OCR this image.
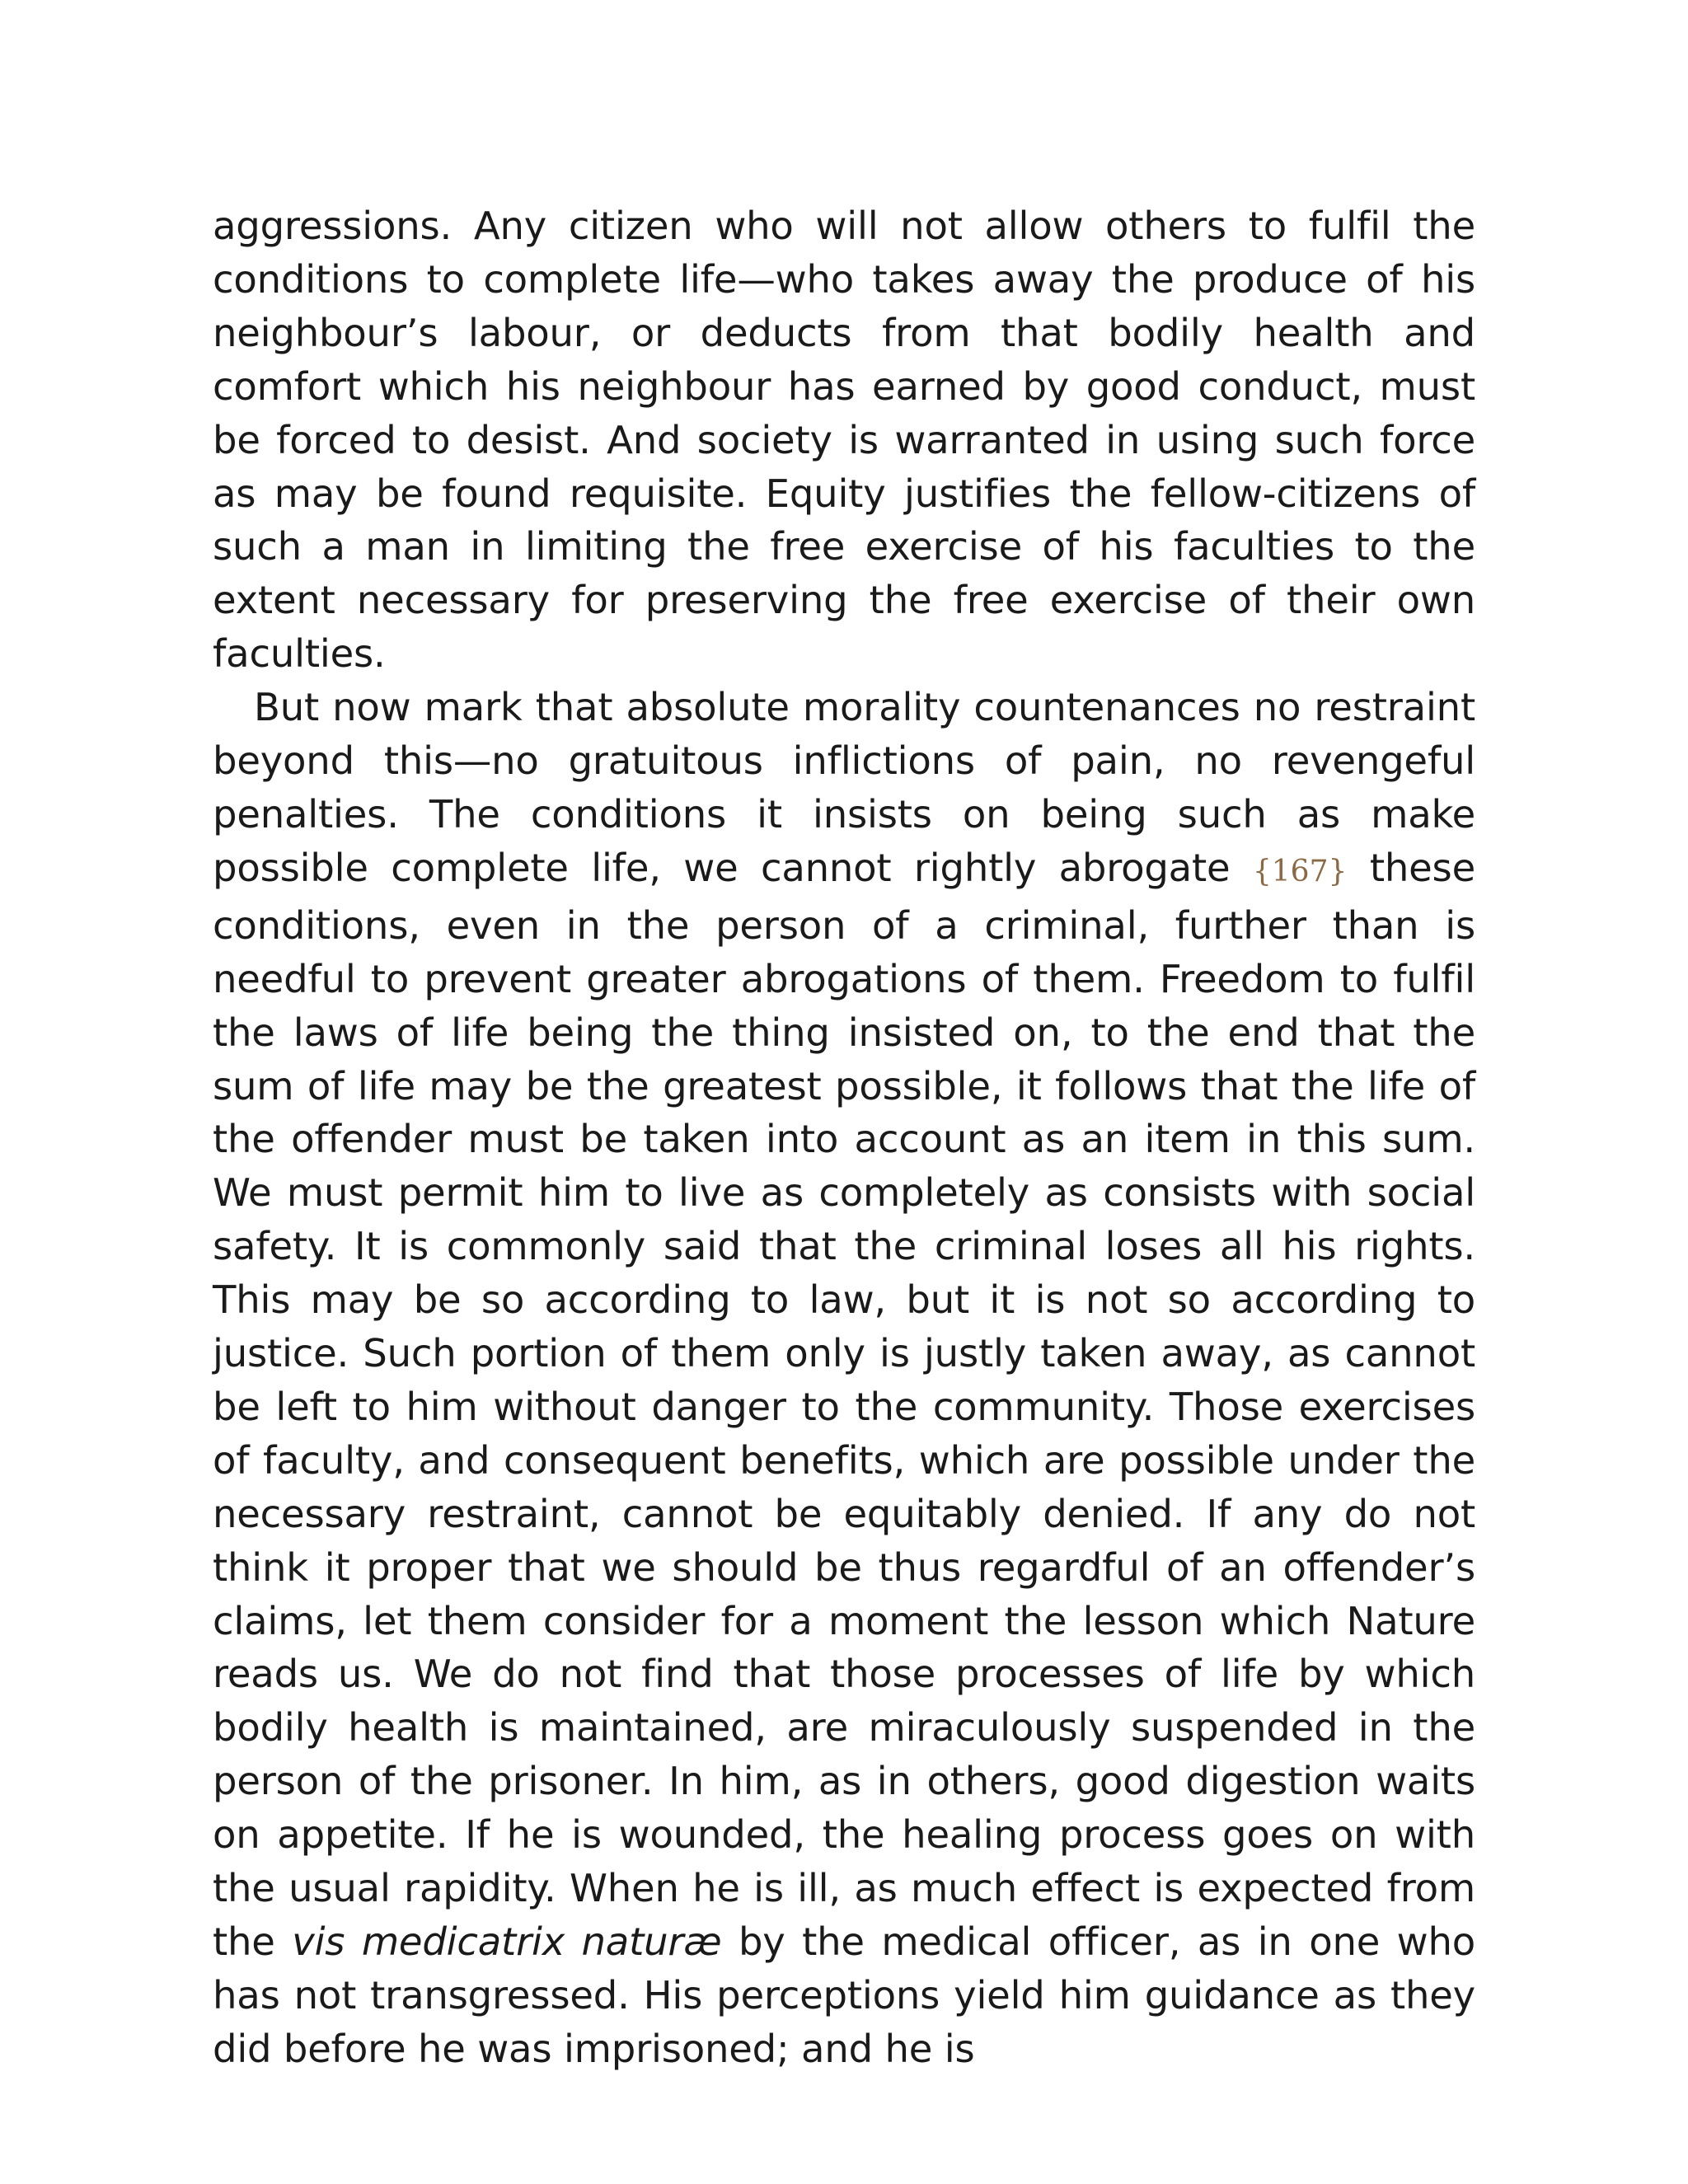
aggressions. Any citizen who will not allow others to fulfil the conditions to complete life—who takes away the produce of his neighbour’s labour, or deducts from that bodily health and comfort which his neighbour has earned by good conduct, must be forced to desist. And society is warranted in using such force as may be found requisite. Equity justifies the fellow-citizens of such a man in limiting the free exercise of his faculties to the extent necessary for preserving the free exercise of their own faculties.

But now mark that absolute morality countenances no restraint beyond this—no gratuitous inflictions of pain, no revengeful penalties. The conditions it insists on being such as make possible complete life, we cannot rightly abrogate {167} these conditions, even in the person of a criminal, further than is needful to prevent greater abrogations of them. Freedom to fulfil the laws of life being the thing insisted on, to the end that the sum of life may be the greatest possible, it follows that the life of the offender must be taken into account as an item in this sum. We must permit him to live as completely as consists with social safety. It is commonly said that the criminal loses all his rights. This may be so according to law, but it is not so according to justice. Such portion of them only is justly taken away, as cannot be left to him without danger to the community. Those exercises of faculty, and consequent benefits, which are possible under the necessary restraint, cannot be equitably denied. If any do not think it proper that we should be thus regardful of an offender’s claims, let them consider for a moment the lesson which Nature reads us. We do not find that those processes of life by which bodily health is maintained, are miraculously suspended in the person of the prisoner. In him, as in others, good digestion waits on appetite. If he is wounded, the healing process goes on with the usual rapidity. When he is ill, as much effect is expected from the vis medicatrix naturæ by the medical officer, as in one who has not transgressed. His perceptions yield him guidance as they did before he was imprisoned; and he is
